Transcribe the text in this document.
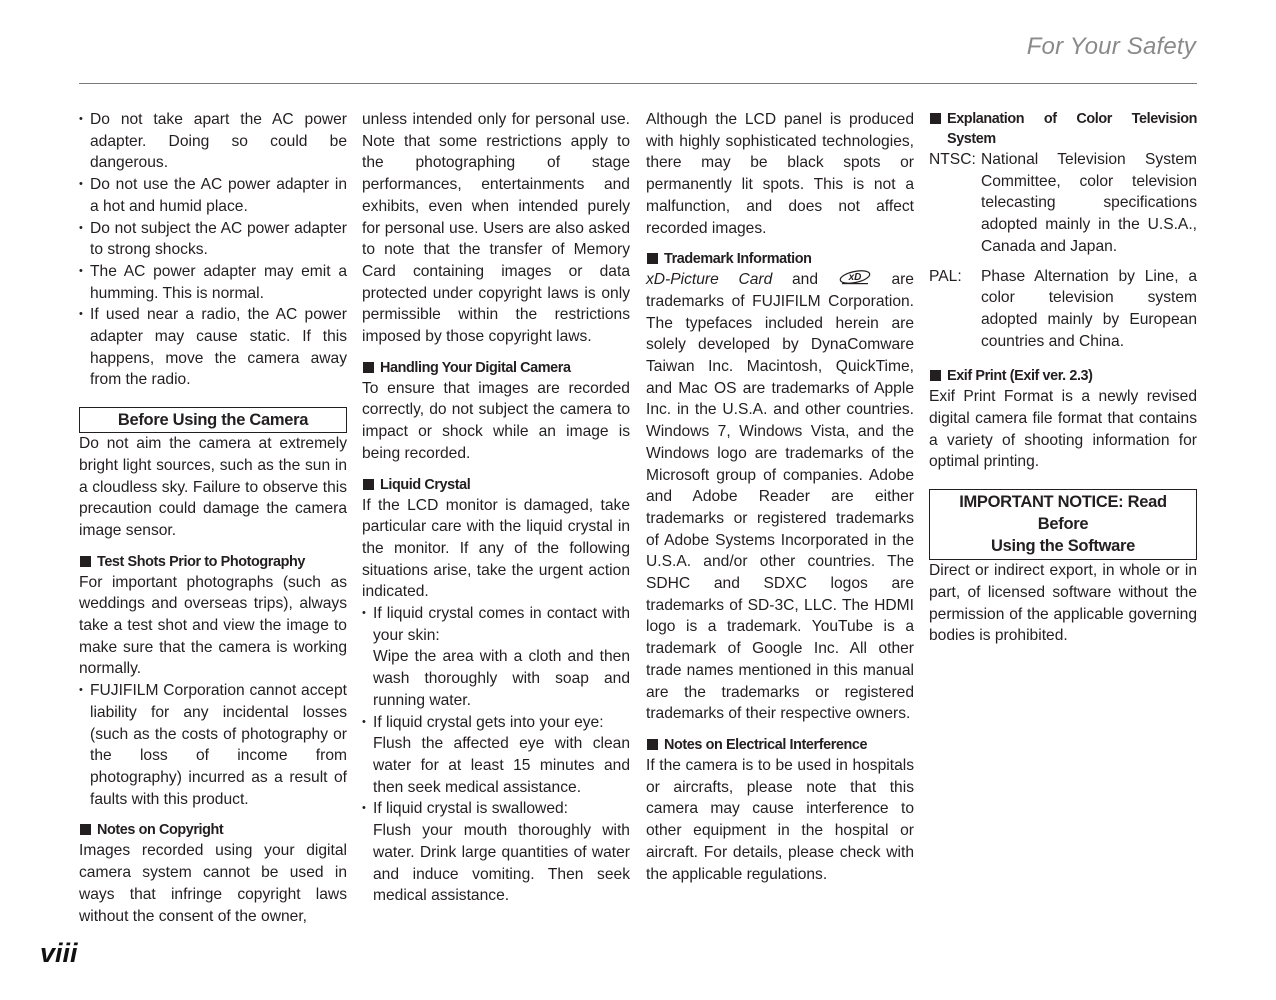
For Your Safety
• Do not take apart the AC power adapter. Doing so could be dangerous.
• Do not use the AC power adapter in a hot and humid place.
• Do not subject the AC power adapter to strong shocks.
• The AC power adapter may emit a humming. This is normal.
• If used near a radio, the AC power adapter may cause static. If this happens, move the camera away from the radio.
Before Using the Camera

Do not aim the camera at extremely bright light sources, such as the sun in a cloudless sky. Failure to observe this precaution could damage the camera image sensor.

Test Shots Prior to Photography

For important photographs (such as weddings and overseas trips), always take a test shot and view the image to make sure that the camera is working normally.

• FUJIFILM Corporation cannot accept liability for any incidental losses (such as the costs of photography or the loss of income from photography) incurred as a result of faults with this product.
Notes on Copyright

Images recorded using your digital camera system cannot be used in ways that infringe copyright laws without the consent of the owner,

unless intended only for personal use. Note that some restrictions apply to the photographing of stage performances, entertainments and exhibits, even when intended purely for personal use. Users are also asked to note that the transfer of Memory Card containing images or data protected under copyright laws is only permissible within the restrictions imposed by those copyright laws.

Handling Your Digital Camera

To ensure that images are recorded correctly, do not subject the camera to impact or shock while an image is being recorded.

Liquid Crystal

If the LCD monitor is damaged, take particular care with the liquid crystal in the monitor. If any of the following situations arise, take the urgent action indicated.

• If liquid crystal comes in contact with your skin:
Wipe the area with a cloth and then wash thoroughly with soap and running water.
• If liquid crystal gets into your eye:
Flush the affected eye with clean water for at least 15 minutes and then seek medical assistance.
• If liquid crystal is swallowed:
Flush your mouth thoroughly with water. Drink large quantities of water and induce vomiting. Then seek medical assistance.

Although the LCD panel is produced with highly sophisticated technologies, there may be black spots or permanently lit spots. This is not a malfunction, and does not affect recorded images.

Trademark Information

xD-Picture Card and	xD are trademarks of FUJIFILM Corporation. The typefaces included herein are solely developed by DynaComware Taiwan Inc. Macintosh, QuickTime, and Mac OS are trademarks of Apple Inc. in the U.S.A. and other countries. Windows 7, Windows Vista, and the Windows logo are trademarks of the Microsoft group of companies. Adobe and Adobe Reader are either trademarks or registered trademarks of Adobe Systems Incorporated in the U.S.A. and/or other countries. The SDHC and SDXC logos are trademarks of SD-3C, LLC. The HDMI logo is a trademark. YouTube is a trademark of Google Inc. All other trade names mentioned in this manual are the trademarks or registered trademarks of their respective owners.

Notes on Electrical Interference

If the camera is to be used in hospitals or aircrafts, please note that this camera may cause interference to other equipment in the hospital or aircraft. For details, please check with the applicable regulations.

Explanation of Color Television System
NTSC: National Television System Committee, color television telecasting specifications adopted mainly in the U.S.A., Canada and Japan.
PAL:	Phase Alternation by Line, a color television system adopted mainly by European countries and China.
Exif Print (Exif ver. 2.3)

Exif Print Format is a newly revised digital camera file format that contains a variety of shooting information for optimal printing.

IMPORTANT NOTICE: Read Before
Using the Software

Direct or indirect export, in whole or in part, of licensed software without the permission of the applicable governing bodies is prohibited.

viii
